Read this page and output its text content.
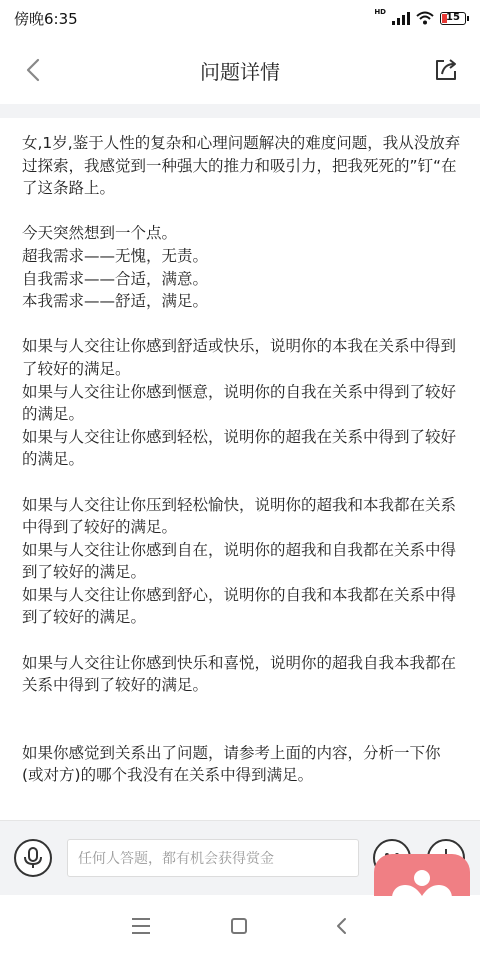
傍晚6:35	HD	15
问题详情

女,1岁,鉴于人性的复杂和心理问题解决的难度问题，我从没放弃过探索，我感觉到一种强大的推力和吸引力，把我死死的”钉“在了这条路上。

今天突然想到一个点。

超我需求——无愧，无责。

自我需求——合适，满意。

本我需求——舒适，满足。

如果与人交往让你感到舒适或快乐，说明你的本我在关系中得到了较好的满足。

如果与人交往让你感到惬意，说明你的自我在关系中得到了较好的满足。

如果与人交往让你感到轻松，说明你的超我在关系中得到了较好的满足。

如果与人交往让你压到轻松愉快，说明你的超我和本我都在关系中得到了较好的满足。

如果与人交往让你感到自在，说明你的超我和自我都在关系中得到了较好的满足。

如果与人交往让你感到舒心，说明你的自我和本我都在关系中得到了较好的满足。

如果与人交往让你感到快乐和喜悦，说明你的超我自我本我都在关系中得到了较好的满足。

如果你感觉到关系出了问题，请参考上面的内容，分析一下你(或对方)的哪个我没有在关系中得到满足。

任何人答题，都有机会获得赏金
